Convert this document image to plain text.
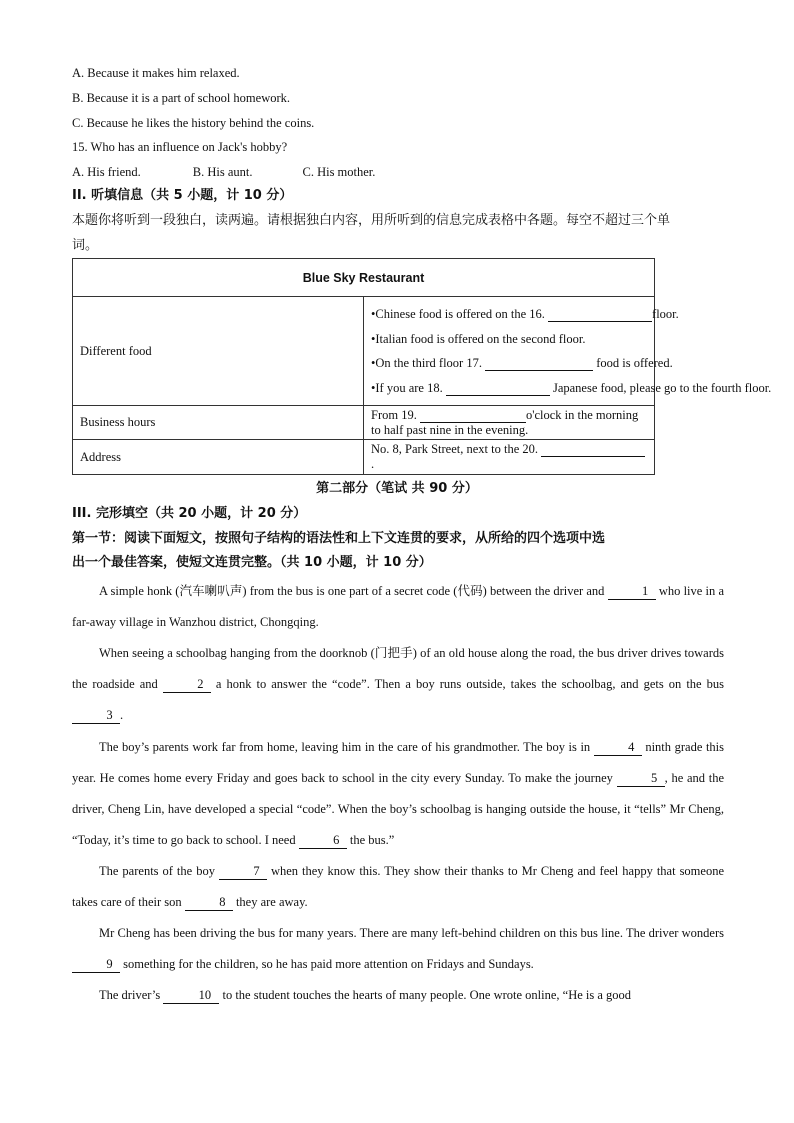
A. Because it makes him relaxed.
B. Because it is a part of school homework.
C. Because he likes the history behind the coins.
15. Who has an influence on Jack's hobby?
A. His friend.	B. His aunt.	C. His mother.
II. 听填信息（共 5 小题，计 10 分）
本题你将听到一段独白，读两遍。请根据独白内容，用所听到的信息完成表格中各题。每空不超过三个单
词。
Blue Sky Restaurant	
Different food	•Chinese food is offered on the 16. floor.
•Italian food is offered on the second floor.
•On the third floor 17. food is offered.
•If you are 18. Japanese food, please go to the fourth floor.

Business hours	From 19. o'clock in the morning to half past nine in the evening.
Address	No. 8, Park Street, next to the 20.  .
第二部分（笔试 共 90 分）
III. 完形填空（共 20 小题，计 20 分）
第一节：阅读下面短文，按照句子结构的语法性和上下文连贯的要求，从所给的四个选项中选
出一个最佳答案，使短文连贯完整。（共 10 小题，计 10 分）
A simple honk (汽车喇叭声) from the bus is one part of a secret code (代码) between the driver and	1 who live in a far-away village in Wanzhou district, Chongqing.
When seeing a schoolbag hanging from the doorknob (门把手) of an old house along the road, the bus driver drives towards the roadside and	2 a honk to answer the “code”. Then a boy runs outside, takes the schoolbag, and gets on the bus 3 .
The boy’s parents work far from home, leaving him in the care of his grandmother. The boy is in	4 ninth grade this year. He comes home every Friday and goes back to school in the city every Sunday. To make the journey	5 , he and the driver, Cheng Lin, have developed a special “code”. When the boy’s schoolbag is hanging outside the house, it “tells” Mr Cheng, “Today, it’s time to go back to school. I need	6 the bus.”
The parents of the boy	7 when they know this. They show their thanks to Mr Cheng and feel happy that someone takes care of their son	8 they are away.
Mr Cheng has been driving the bus for many years. There are many left-behind children on this bus line. The driver wonders 9 something for the children, so he has paid more attention on Fridays and Sundays.
The driver’s	10 to the student touches the hearts of many people. One wrote online, “He is a good
